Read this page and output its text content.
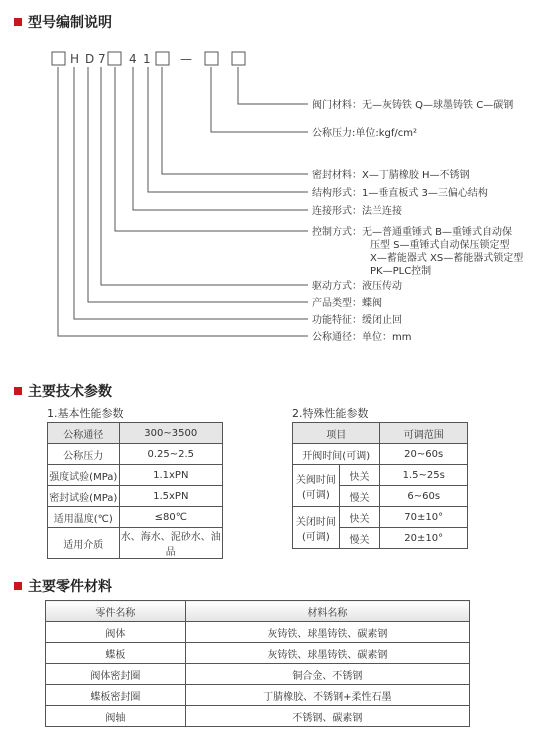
型号编制说明
H D 7 4 1 —
阀门材料：无—灰铸铁 Q—球墨铸铁 C—碳钢
公称压力:单位:kgf/cm²
密封材料：X—丁腈橡胶 H—不锈钢
结构形式：1—垂直板式 3—三偏心结构
连接形式：法兰连接
控制方式：无—普通重锤式 B—重锤式自动保
压型 S—重锤式自动保压锁定型
X—蓄能器式 XS—蓄能器式锁定型
PK—PLC控制
驱动方式：液压传动
产品类型：蝶阀
功能特征：缓闭止回
公称通径：单位：mm
主要技术参数
1.基本性能参数
公称通径	300~3500
公称压力	0.25~2.5
强度试验(MPa)	1.1xPN
密封试验(MPa)	1.5xPN
适用温度(℃)	≤80℃
适用介质	水、海水、泥砂水、油品
2.特殊性能参数
项目		可调范围
开阀时间(可调)		20~60s

关阀时间
(可调)	快关	1.5~25s
	慢关	6~60s

关闭时间
(可调)	快关	70±10°
	慢关	20±10°
主要零件材料
零件名称	材料名称
阀体	灰铸铁、球墨铸铁、碳素钢
蝶板	灰铸铁、球墨铸铁、碳素钢
阀体密封圈	铜合金、不锈钢
蝶板密封圈	丁腈橡胶、不锈钢+柔性石墨
阀轴	不锈钢、碳素钢
